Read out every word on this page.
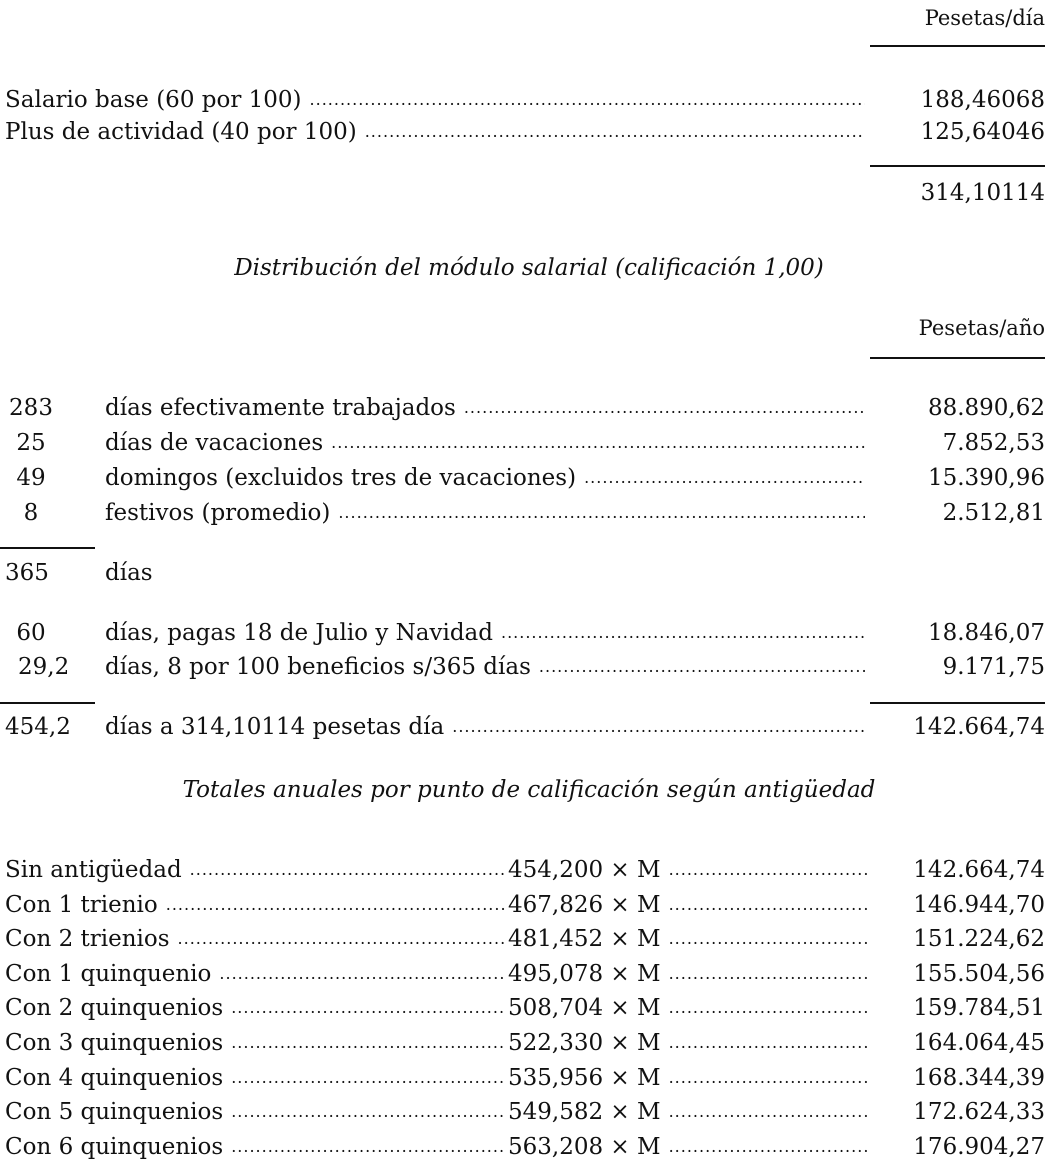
Pesetas/día
Salario base (60 por 100) .....	188,46068
Plus de actividad (40 por 100) .....	125,64046
314,10114
Distribución del módulo salarial (calificación 1,00)
Pesetas/año
283	días efectivamente trabajados .....	88.890,62
25	días de vacaciones .....	7.852,53
49	domingos (excluidos tres de vacaciones) .....	15.390,96
8	festivos (promedio) .....	2.512,81
365	días
60	días, pagas 18 de Julio y Navidad .....	18.846,07
29,2	días, 8 por 100 beneficios s/365 días .....	9.171,75
454,2 días a 314,10114 pesetas día .....	142.664,74
Totales anuales por punto de calificación según antigüedad
Sin antigüedad .....	454,200 × M .....	142.664,74
Con 1 trienio .....	467,826 × M .....	146.944,70
Con 2 trienios .....	481,452 × M .....	151.224,62
Con 1 quinquenio .....	495,078 × M .....	155.504,56
Con 2 quinquenios .....	508,704 × M .....	159.784,51
Con 3 quinquenios .....	522,330 × M .....	164.064,45
Con 4 quinquenios .....	535,956 × M .....	168.344,39
Con 5 quinquenios .....	549,582 × M .....	172.624,33
Con 6 quinquenios .....	563,208 × M .....	176.904,27
